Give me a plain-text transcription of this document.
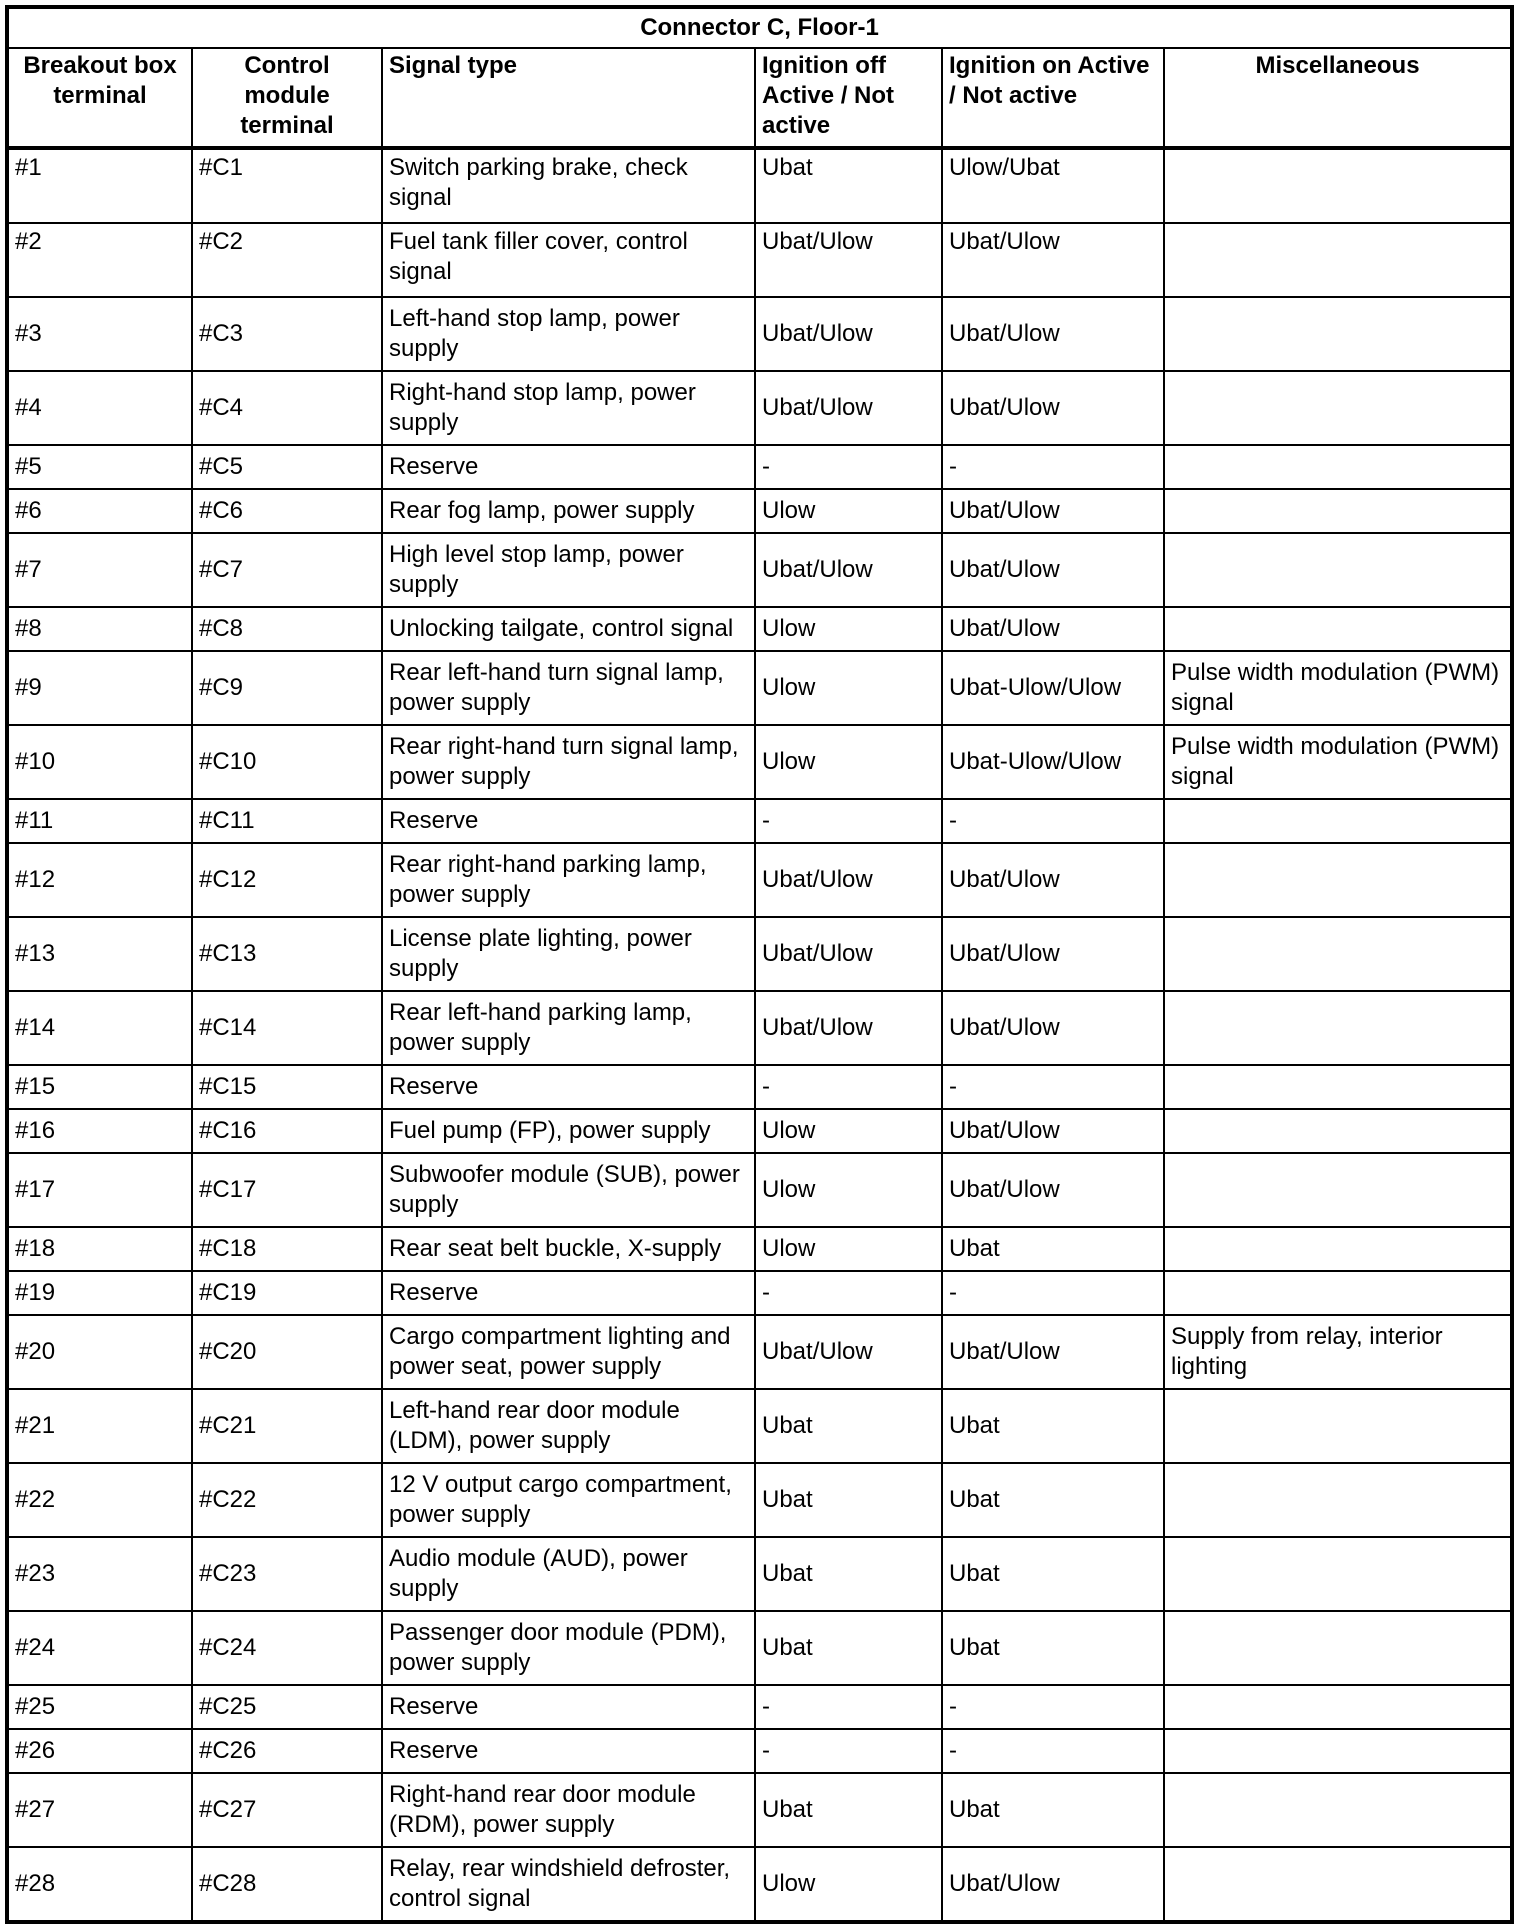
Connector C, Floor-1					
Breakout box terminal	Control module terminal	Signal type	Ignition off Active / Not active	Ignition on Active / Not active	Miscellaneous
#1	#C1	Switch parking brake, check signal	Ubat	Ulow/Ubat	
#2	#C2	Fuel tank filler cover, control signal	Ubat/Ulow	Ubat/Ulow	
#3	#C3	Left-hand stop lamp, power supply	Ubat/Ulow	Ubat/Ulow	
#4	#C4	Right-hand stop lamp, power supply	Ubat/Ulow	Ubat/Ulow	
#5	#C5	Reserve	-	-	
#6	#C6	Rear fog lamp, power supply	Ulow	Ubat/Ulow	
#7	#C7	High level stop lamp, power supply	Ubat/Ulow	Ubat/Ulow	
#8	#C8	Unlocking tailgate, control signal	Ulow	Ubat/Ulow	
#9	#C9	Rear left-hand turn signal lamp, power supply	Ulow	Ubat-Ulow/Ulow	Pulse width modulation (PWM) signal
#10	#C10	Rear right-hand turn signal lamp, power supply	Ulow	Ubat-Ulow/Ulow	Pulse width modulation (PWM) signal
#11	#C11	Reserve	-	-	
#12	#C12	Rear right-hand parking lamp, power supply	Ubat/Ulow	Ubat/Ulow	
#13	#C13	License plate lighting, power supply	Ubat/Ulow	Ubat/Ulow	
#14	#C14	Rear left-hand parking lamp, power supply	Ubat/Ulow	Ubat/Ulow	
#15	#C15	Reserve	-	-	
#16	#C16	Fuel pump (FP), power supply	Ulow	Ubat/Ulow	
#17	#C17	Subwoofer module (SUB), power supply	Ulow	Ubat/Ulow	
#18	#C18	Rear seat belt buckle, X-supply	Ulow	Ubat	
#19	#C19	Reserve	-	-	
#20	#C20	Cargo compartment lighting and power seat, power supply	Ubat/Ulow	Ubat/Ulow	Supply from relay, interior lighting
#21	#C21	Left-hand rear door module (LDM), power supply	Ubat	Ubat	
#22	#C22	12 V output cargo compartment, power supply	Ubat	Ubat	
#23	#C23	Audio module (AUD), power supply	Ubat	Ubat	
#24	#C24	Passenger door module (PDM), power supply	Ubat	Ubat	
#25	#C25	Reserve	-	-	
#26	#C26	Reserve	-	-	
#27	#C27	Right-hand rear door module (RDM), power supply	Ubat	Ubat	
#28	#C28	Relay, rear windshield defroster, control signal	Ulow	Ubat/Ulow	
